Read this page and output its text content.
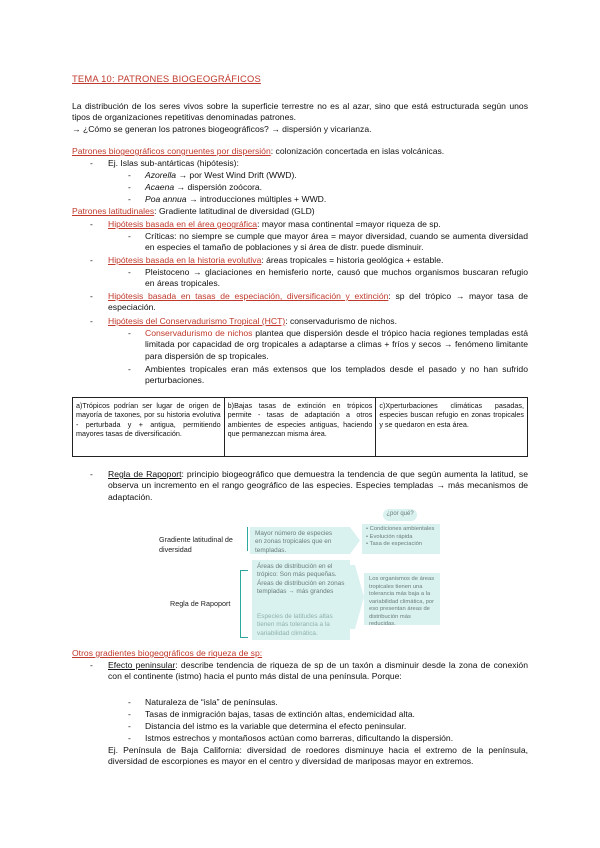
TEMA 10: PATRONES BIOGEOGRÁFICOS
La distribución de los seres vivos sobre la superficie terrestre no es al azar, sino que está estructurada según unos tipos de organizaciones repetitivas denominadas patrones.
→ ¿Cómo se generan los patrones biogeográficos? → dispersión y vicarianza.
Patrones biogeográficos congruentes por dispersión: colonización concertada en islas volcánicas.
-	Ej. Islas sub-antárticas (hipótesis):
-	Azorella → por West Wind Drift (WWD).
-	Acaena → dispersión zoócora.
-	Poa annua → introducciones múltiples + WWD.
Patrones latitudinales: Gradiente latitudinal de diversidad (GLD)
-	Hipótesis basada en el área geográfica: mayor masa continental =mayor riqueza de sp.
-	Críticas: no siempre se cumple que mayor área = mayor diversidad, cuando se aumenta diversidad en especies el tamaño de poblaciones y si área de distr. puede disminuir.
-	Hipótesis basada en la historia evolutiva: áreas tropicales = historia geológica + estable.
-	Pleistoceno → glaciaciones en hemisferio norte, causó que muchos organismos buscaran refugio en áreas tropicales.
-	Hipótesis basada en tasas de especiación, diversificación y extinción: sp del trópico → mayor tasa de especiación.
-	Hipótesis del Conservadurismo Tropical (HCT): conservadurismo de nichos.
-	Conservadurismo de nichos plantea que dispersión desde el trópico hacia regiones templadas está limitada por capacidad de org tropicales a adaptarse a climas + fríos y secos → fenómeno limitante para dispersión de sp tropicales.
-	Ambientes tropicales eran más extensos que los templados desde el pasado y no han sufrido perturbaciones.
a)Trópicos podrían ser lugar de origen de mayoría de taxones, por su historia evolutiva - perturbada y + antigua, permitiendo mayores tasas de diversificación.
b)Bajas tasas de extinción en trópicos permite - tasas de adaptación a otros ambientes de especies antiguas, haciendo que permanezcan misma área.
c)Xperturbaciones climáticas pasadas, especies buscan refugio en zonas tropicales y se quedaron en esta área.
-	Regla de Rapoport: principio biogeográfico que demuestra la tendencia de que según aumenta la latitud, se observa un incremento en el rango geográfico de las especies. Especies templadas → más mecanismos de adaptación.
Gradiente latitudinal de diversidad
Regla de Rapoport
Mayor número de especies en zonas tropicales que en templadas.
¿por qué?
• Condiciones ambientales
• Evolución rápida
• Tasa de especiación
Áreas de distribución en el trópico: Son más pequeñas. Áreas de distribución en zonas templadas → más grandes
Especies de latitudes altas tienen más tolerancia a la variabilidad climática.
Los organismos de áreas tropicales tienen una tolerancia más baja a la variabilidad climática, por eso presentan áreas de distribución más reducidas.
Otros gradientes biogeográficos de riqueza de sp:
-	Efecto peninsular: describe tendencia de riqueza de sp de un taxón a disminuir desde la zona de conexión con el continente (istmo) hacia el punto más distal de una península. Porque:
-	Naturaleza de “isla” de penínsulas.
-	Tasas de inmigración bajas, tasas de extinción altas, endemicidad alta.
-	Distancia del istmo es la variable que determina el efecto peninsular.
-	Istmos estrechos y montañosos actúan como barreras, dificultando la dispersión.
Ej. Península de Baja California: diversidad de roedores disminuye hacia el extremo de la península, diversidad de escorpiones es mayor en el centro y diversidad de mariposas mayor en extremos.
